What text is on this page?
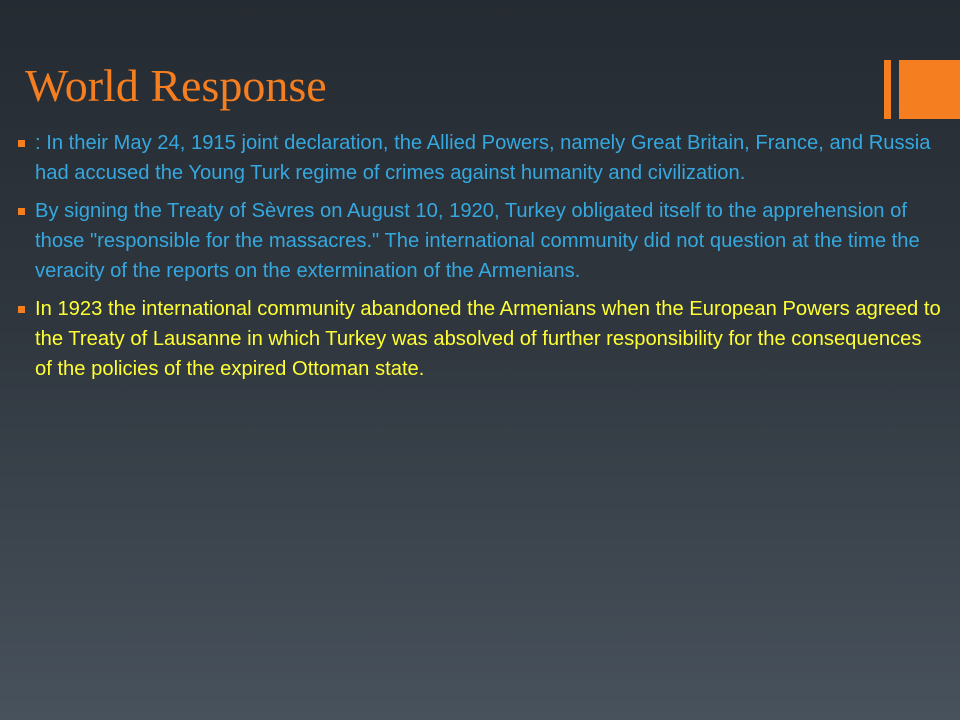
World Response
: In their May 24, 1915 joint declaration, the Allied Powers, namely Great Britain, France, and Russia had accused the Young Turk regime of crimes against humanity and civilization.
By signing the Treaty of Sèvres on August 10, 1920, Turkey obligated itself to the apprehension of those "responsible for the massacres." The international community did not question at the time the veracity of the reports on the extermination of the Armenians.
In 1923 the international community abandoned the Armenians when the European Powers agreed to the Treaty of Lausanne in which Turkey was absolved of further responsibility for the consequences of the policies of the expired Ottoman state.
